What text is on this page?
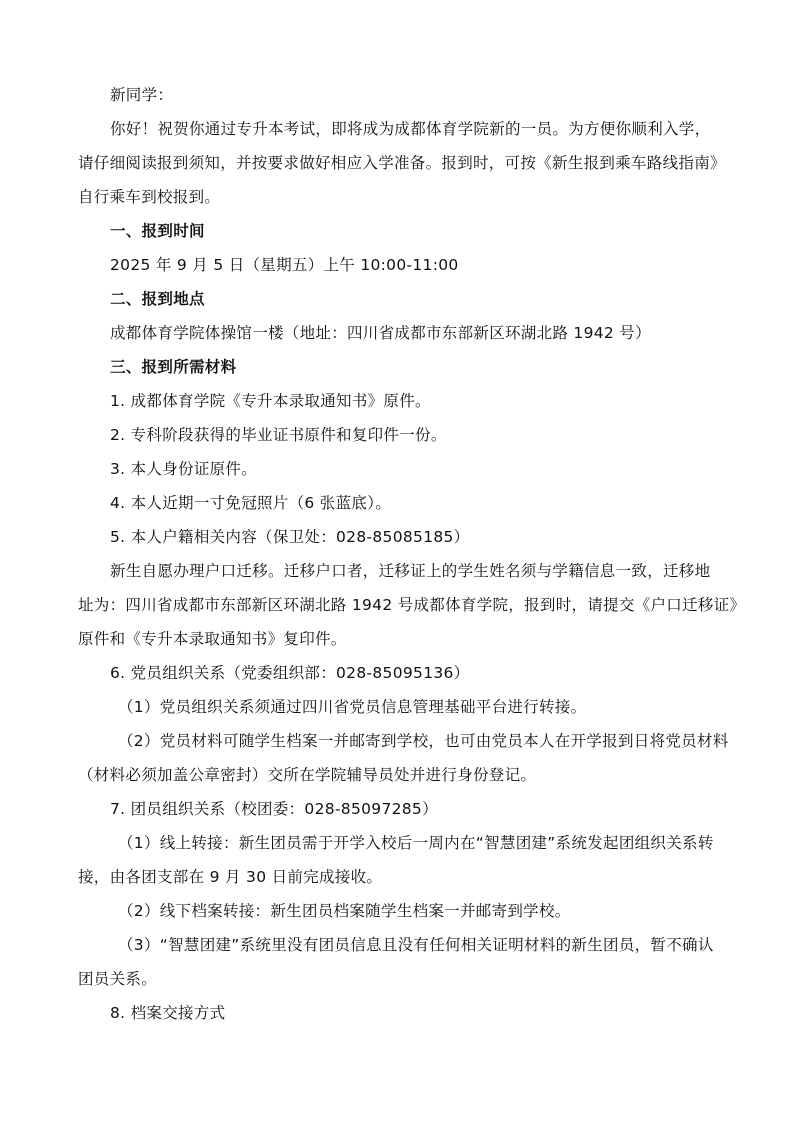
新同学：

你好！祝贺你通过专升本考试，即将成为成都体育学院新的一员。为方便你顺利入学，

请仔细阅读报到须知，并按要求做好相应入学准备。报到时，可按《新生报到乘车路线指南》

自行乘车到校报到。

一、报到时间

2025 年 9 月 5 日（星期五）上午 10:00-11:00

二、报到地点

成都体育学院体操馆一楼（地址：四川省成都市东部新区环湖北路 1942 号）

三、报到所需材料

1. 成都体育学院《专升本录取通知书》原件。

2. 专科阶段获得的毕业证书原件和复印件一份。

3. 本人身份证原件。

4. 本人近期一寸免冠照片（6 张蓝底）。

5. 本人户籍相关内容（保卫处：028-85085185）

新生自愿办理户口迁移。迁移户口者，迁移证上的学生姓名须与学籍信息一致，迁移地

址为：四川省成都市东部新区环湖北路 1942 号成都体育学院，报到时，请提交《户口迁移证》

原件和《专升本录取通知书》复印件。

6. 党员组织关系（党委组织部：028-85095136）

（1）党员组织关系须通过四川省党员信息管理基础平台进行转接。

（2）党员材料可随学生档案一并邮寄到学校，也可由党员本人在开学报到日将党员材料

（材料必须加盖公章密封）交所在学院辅导员处并进行身份登记。

7. 团员组织关系（校团委：028-85097285）

（1）线上转接：新生团员需于开学入校后一周内在“智慧团建”系统发起团组织关系转

接，由各团支部在 9 月 30 日前完成接收。

（2）线下档案转接：新生团员档案随学生档案一并邮寄到学校。

（3）“智慧团建”系统里没有团员信息且没有任何相关证明材料的新生团员，暂不确认

团员关系。

8. 档案交接方式
